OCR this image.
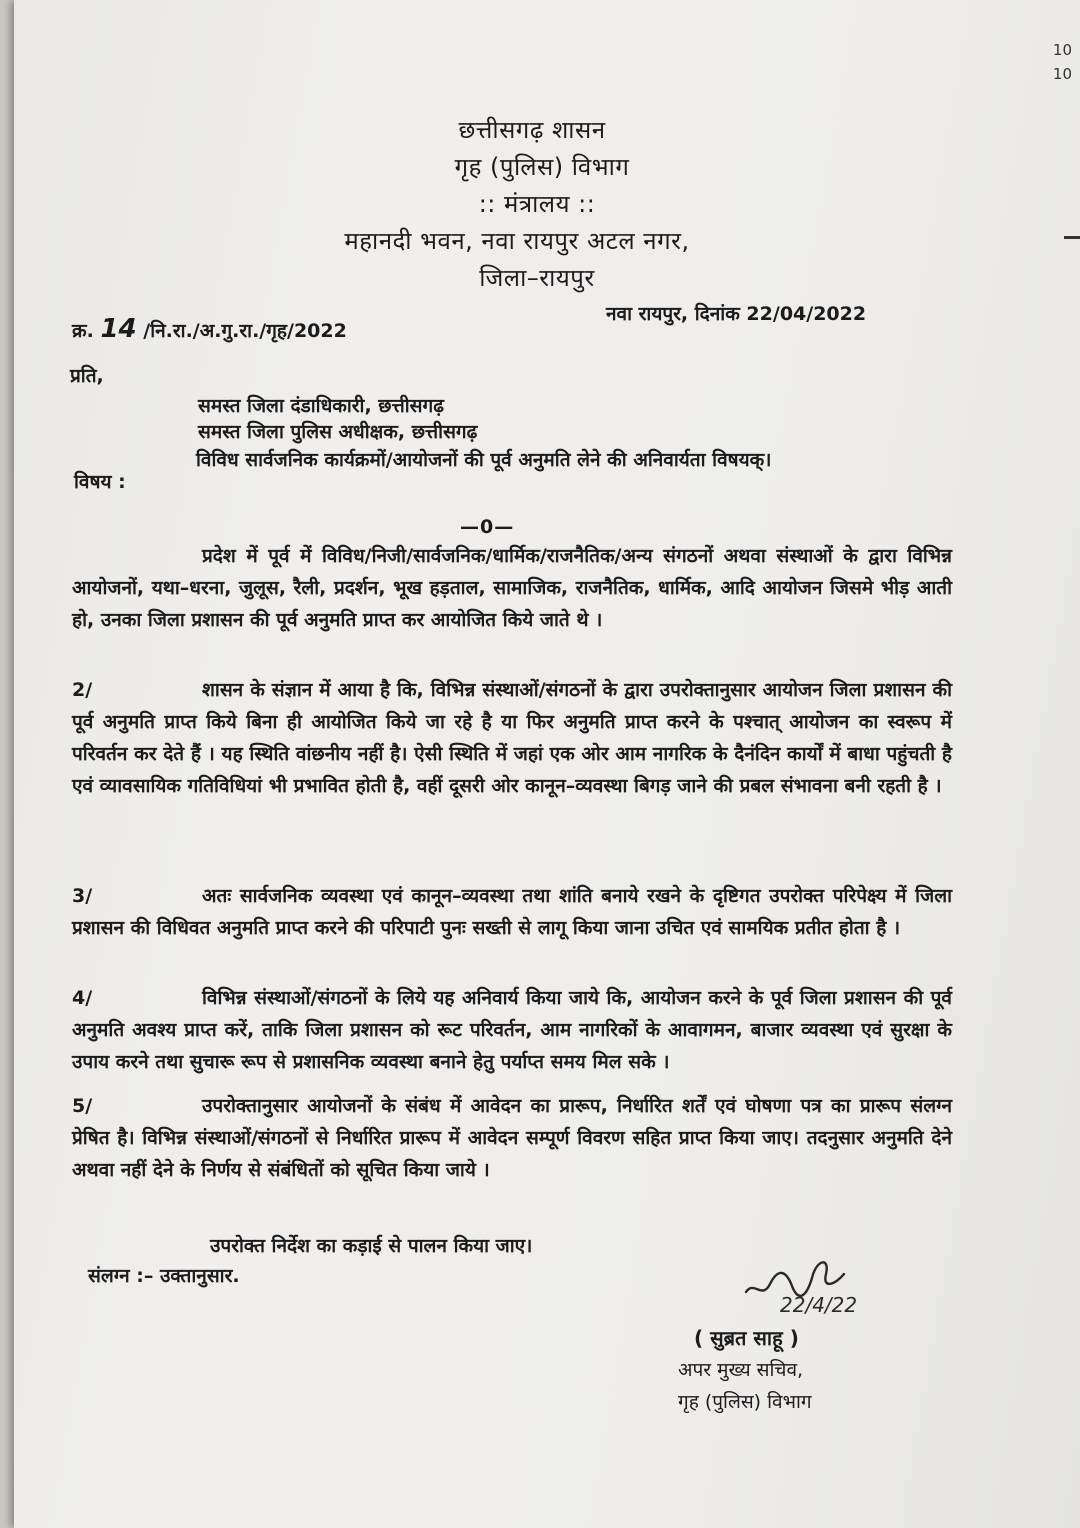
छत्तीसगढ़ शासन
गृह (पुलिस) विभाग
:: मंत्रालय ::
महानदी भवन, नवा रायपुर अटल नगर,
जिला–रायपुर
क्र. 14 /नि.रा./अ.गु.रा./गृह/2022
नवा रायपुर, दिनांक 22/04/2022
प्रति,
समस्त जिला दंडाधिकारी, छत्तीसगढ़
समस्त जिला पुलिस अधीक्षक, छत्तीसगढ़
विषय :
विविध सार्वजनिक कार्यक्रमों/आयोजनों की पूर्व अनुमति लेने की अनिवार्यता विषयक्।
—0—
प्रदेश में पूर्व में विविध/निजी/सार्वजनिक/धार्मिक/राजनैतिक/अन्य संगठनों अथवा संस्थाओं के द्वारा विभिन्न आयोजनों, यथा–धरना, जुलूस, रैली, प्रदर्शन, भूख हड़ताल, सामाजिक, राजनैतिक, धार्मिक, आदि आयोजन जिसमे भीड़ आती हो, उनका जिला प्रशासन की पूर्व अनुमति प्राप्त कर आयोजित किये जाते थे ।
2/	शासन के संज्ञान में आया है कि, विभिन्न संस्थाओं/संगठनों के द्वारा उपरोक्तानुसार आयोजन जिला प्रशासन की पूर्व अनुमति प्राप्त किये बिना ही आयोजित किये जा रहे है या फिर अनुमति प्राप्त करने के पश्चात् आयोजन का स्वरूप में परिवर्तन कर देते हैं । यह स्थिति वांछनीय नहीं है। ऐसी स्थिति में जहां एक ओर आम नागरिक के दैनंदिन कार्यों में बाधा पहुंचती है एवं व्यावसायिक गतिविधियां भी प्रभावित होती है, वहीं दूसरी ओर कानून–व्यवस्था बिगड़ जाने की प्रबल संभावना बनी रहती है ।
3/	अतः सार्वजनिक व्यवस्था एवं कानून–व्यवस्था तथा शांति बनाये रखने के दृष्टिगत उपरोक्त परिपेक्ष्य में जिला प्रशासन की विधिवत अनुमति प्राप्त करने की परिपाटी पुनः सख्ती से लागू किया जाना उचित एवं सामयिक प्रतीत होता है ।
4/	विभिन्न संस्थाओं/संगठनों के लिये यह अनिवार्य किया जाये कि, आयोजन करने के पूर्व जिला प्रशासन की पूर्व अनुमति अवश्य प्राप्त करें, ताकि जिला प्रशासन को रूट परिवर्तन, आम नागरिकों के आवागमन, बाजार व्यवस्था एवं सुरक्षा के उपाय करने तथा सुचारू रूप से प्रशासनिक व्यवस्था बनाने हेतु पर्याप्त समय मिल सके ।
5/	उपरोक्तानुसार आयोजनों के संबंध में आवेदन का प्रारूप, निर्धारित शर्तें एवं घोषणा पत्र का प्रारूप संलग्न प्रेषित है। विभिन्न संस्थाओं/संगठनों से निर्धारित प्रारूप में आवेदन सम्पूर्ण विवरण सहित प्राप्त किया जाए। तदनुसार अनुमति देने अथवा नहीं देने के निर्णय से संबंधितों को सूचित किया जाये ।
उपरोक्त निर्देश का कड़ाई से पालन किया जाए।
संलग्न :– उक्तानुसार.
22/4/22
( सुब्रत साहू )
अपर मुख्य सचिव,
गृह (पुलिस) विभाग
10
10
